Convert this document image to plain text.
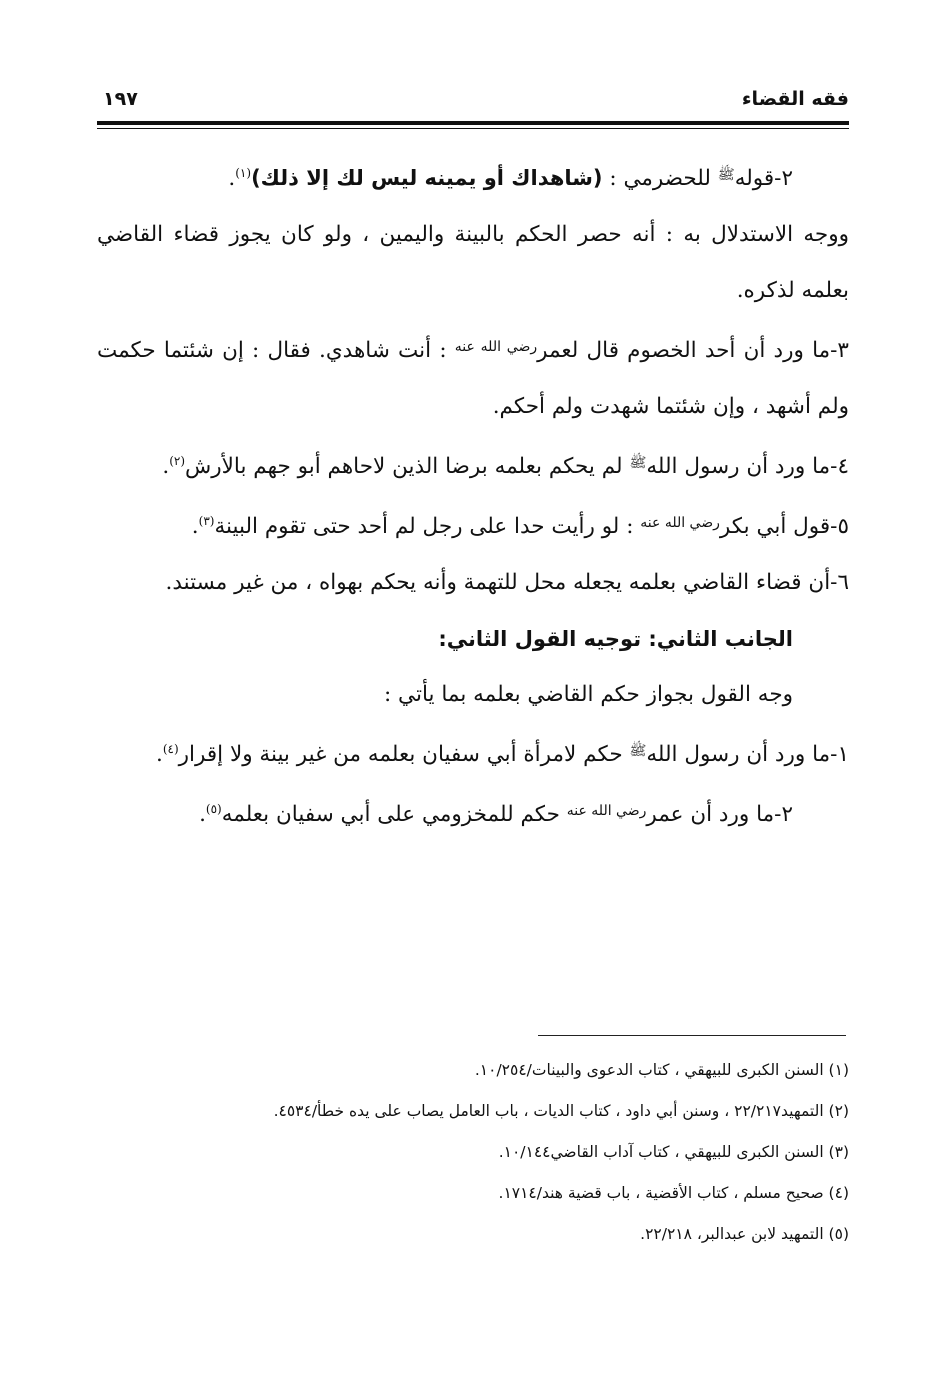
فقه القضاء
١٩٧

٢-قوله$^ﷺ$ للحضرمي : (شاهداك أو يمينه ليس لك إلا ذلك)$^{(١)}$.

ووجه الاستدلال به : أنه حصر الحكم بالبينة واليمين ، ولو كان يجوز قضاء القاضي بعلمه لذكره.

٣-ما ورد أن أحد الخصوم قال لعمر$^{رضي الله عنه}$ : أنت شاهدي. فقال : إن شئتما حكمت ولم أشهد ، وإن شئتما شهدت ولم أحكم.

٤-ما ورد أن رسول الله$^ﷺ$ لم يحكم بعلمه برضا الذين لاحاهم أبو جهم بالأرش$^{(٢)}$.

٥-قول أبي بكر$^{رضي الله عنه}$ : لو رأيت حدا على رجل لم أحد حتى تقوم البينة$^{(٣)}$.

٦-أن قضاء القاضي بعلمه يجعله محل للتهمة وأنه يحكم بهواه ، من غير مستند.

الجانب الثاني: توجيه القول الثاني:

وجه القول بجواز حكم القاضي بعلمه بما يأتي :

١-ما ورد أن رسول الله$^ﷺ$ حكم لامرأة أبي سفيان بعلمه من غير بينة ولا إقرار$^{(٤)}$.

٢-ما ورد أن عمر$^{رضي الله عنه}$ حكم للمخزومي على أبي سفيان بعلمه$^{(٥)}$.

(١) السنن الكبرى للبيهقي ، كتاب الدعوى والبينات/١٠/٢٥٤.

(٢) التمهيد٢٢/٢١٧ ، وسنن أبي داود ، كتاب الديات ، باب العامل يصاب على يده خطأ/٤٥٣٤.

(٣) السنن الكبرى للبيهقي ، كتاب آداب القاضي١٠/١٤٤.

(٤) صحيح مسلم ، كتاب الأقضية ، باب قضية هند/١٧١٤.

(٥) التمهيد لابن عبدالبر، ٢٢/٢١٨.
